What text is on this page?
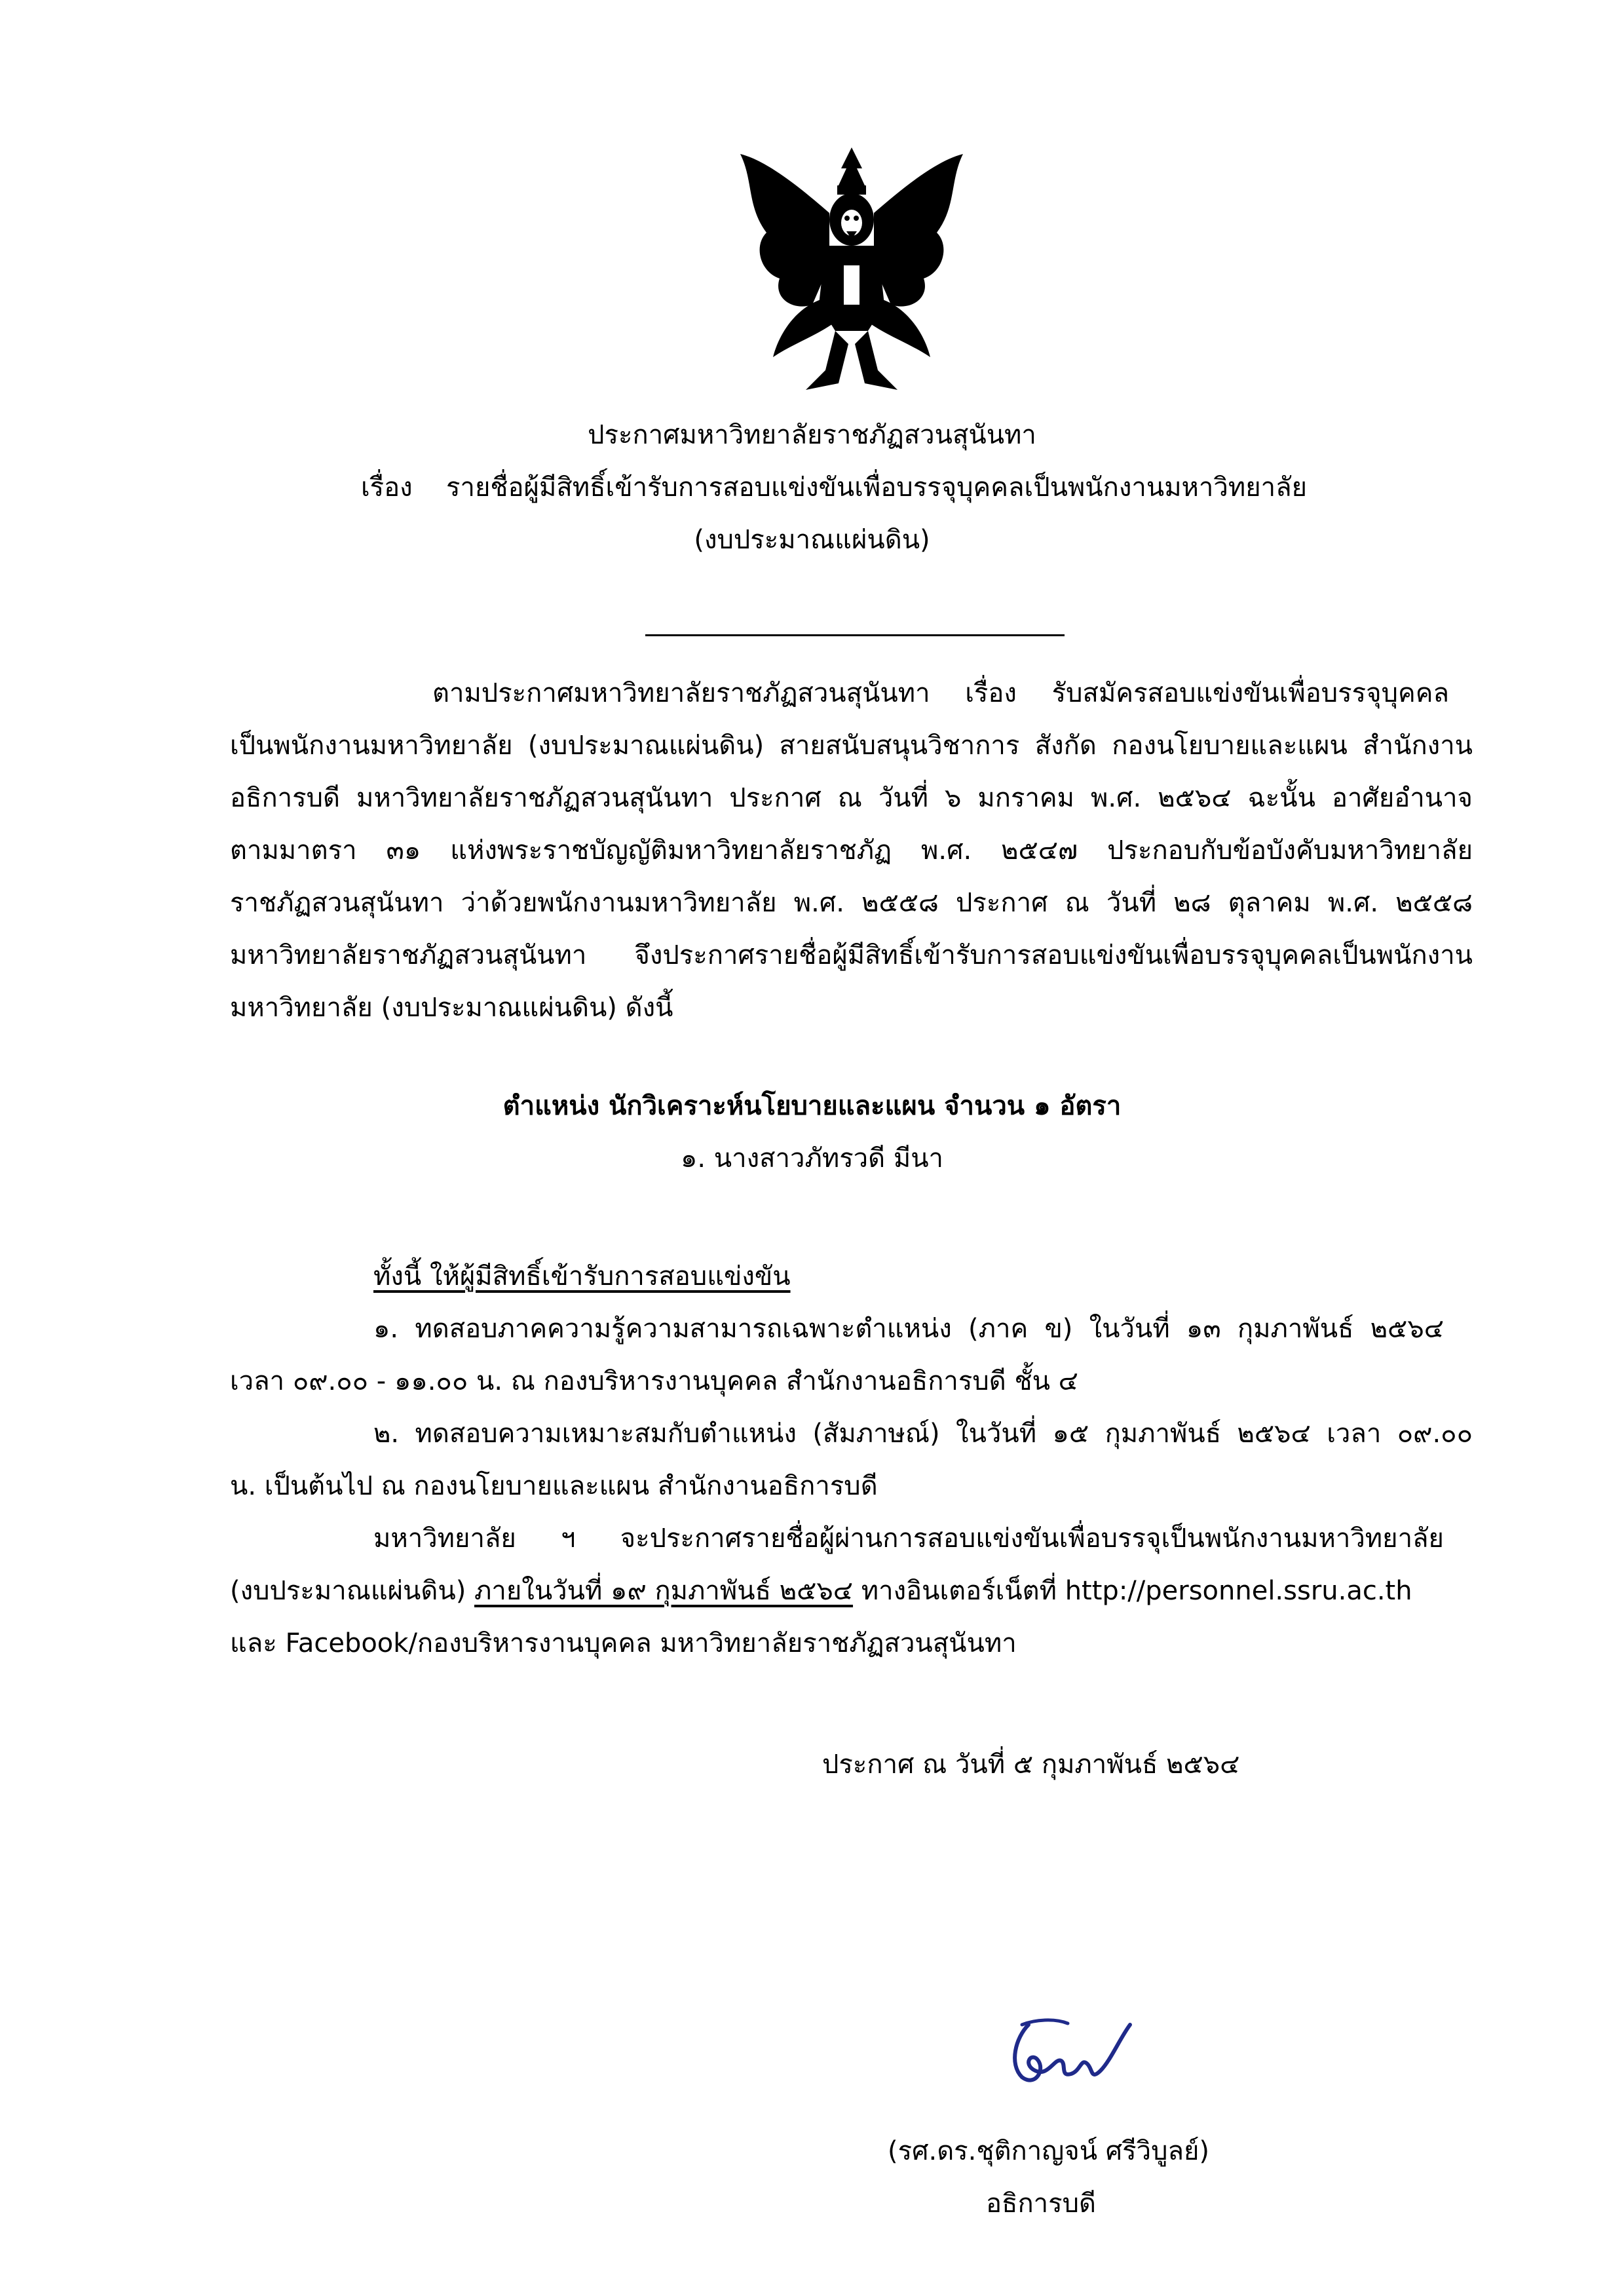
ประกาศมหาวิทยาลัยราชภัฏสวนสุนันทา
เรื่อง รายชื่อผู้มีสิทธิ์เข้ารับการสอบแข่งขันเพื่อบรรจุบุคคลเป็นพนักงานมหาวิทยาลัย
(งบประมาณแผ่นดิน)
ตามประกาศมหาวิทยาลัยราชภัฏสวนสุนันทา เรื่อง รับสมัครสอบแข่งขันเพื่อบรรจุบุคคล
เป็นพนักงานมหาวิทยาลัย (งบประมาณแผ่นดิน) สายสนับสนุนวิชาการ สังกัด กองนโยบายและแผน สำนักงาน
อธิการบดี มหาวิทยาลัยราชภัฏสวนสุนันทา ประกาศ ณ วันที่ ๖ มกราคม พ.ศ. ๒๕๖๔ ฉะนั้น อาศัยอำนาจ
ตามมาตรา ๓๑ แห่งพระราชบัญญัติมหาวิทยาลัยราชภัฏ พ.ศ. ๒๕๔๗ ประกอบกับข้อบังคับมหาวิทยาลัย
ราชภัฏสวนสุนันทา ว่าด้วยพนักงานมหาวิทยาลัย พ.ศ. ๒๕๕๘ ประกาศ ณ วันที่ ๒๘ ตุลาคม พ.ศ. ๒๕๕๘
มหาวิทยาลัยราชภัฏสวนสุนันทา จึงประกาศรายชื่อผู้มีสิทธิ์เข้ารับการสอบแข่งขันเพื่อบรรจุบุคคลเป็นพนักงาน
มหาวิทยาลัย (งบประมาณแผ่นดิน) ดังนี้
ตำแหน่ง นักวิเคราะห์นโยบายและแผน จำนวน ๑ อัตรา
๑. นางสาวภัทรวดี มีนา
ทั้งนี้ ให้ผู้มีสิทธิ์เข้ารับการสอบแข่งขัน
๑. ทดสอบภาคความรู้ความสามารถเฉพาะตำแหน่ง (ภาค ข) ในวันที่ ๑๓ กุมภาพันธ์ ๒๕๖๔
เวลา ๐๙.๐๐ - ๑๑.๐๐ น. ณ กองบริหารงานบุคคล สำนักงานอธิการบดี ชั้น ๔
๒. ทดสอบความเหมาะสมกับตำแหน่ง (สัมภาษณ์) ในวันที่ ๑๕ กุมภาพันธ์ ๒๕๖๔ เวลา ๐๙.๐๐
น. เป็นต้นไป ณ กองนโยบายและแผน สำนักงานอธิการบดี
มหาวิทยาลัย ฯ จะประกาศรายชื่อผู้ผ่านการสอบแข่งขันเพื่อบรรจุเป็นพนักงานมหาวิทยาลัย
(งบประมาณแผ่นดิน) ภายในวันที่ ๑๙ กุมภาพันธ์ ๒๕๖๔ ทางอินเตอร์เน็ตที่ http://personnel.ssru.ac.th
และ Facebook/กองบริหารงานบุคคล มหาวิทยาลัยราชภัฏสวนสุนันทา
ประกาศ ณ วันที่ ๕ กุมภาพันธ์ ๒๕๖๔
(รศ.ดร.ชุติกาญจน์ ศรีวิบูลย์)
อธิการบดี
